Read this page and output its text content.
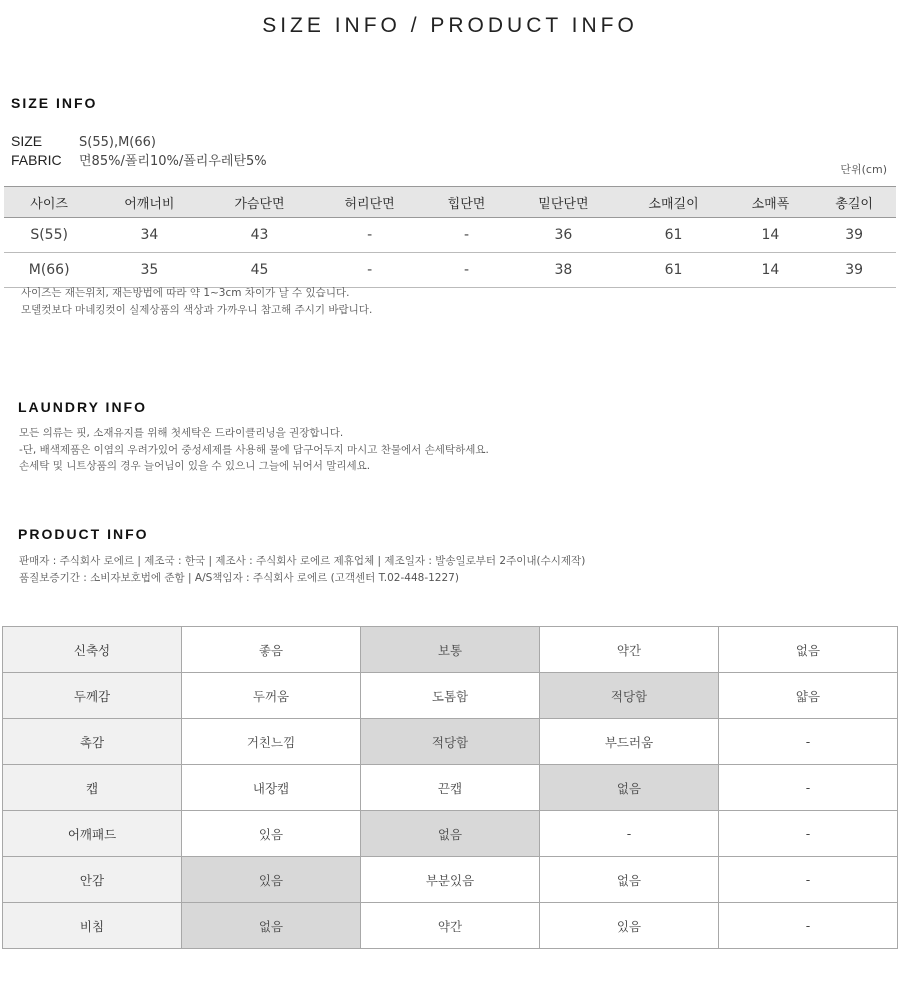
SIZE INFO / PRODUCT INFO
SIZE INFO
SIZE	S(55),M(66)
FABRIC 면85%/폴리10%/폴리우레탄5%
단위(cm)
사이즈	어깨너비	가슴단면	허리단면	힙단면	밑단단면	소매길이	소매폭	총길이
S(55)	34	43	-	-	36	61	14	39
M(66)	35	45	-	-	38	61	14	39
사이즈는 재는위치, 재는방법에 따라 약 1~3cm 차이가 날 수 있습니다.
모델컷보다 마네킹컷이 실제상품의 색상과 가까우니 참고해 주시기 바랍니다.
LAUNDRY INFO
모든 의류는 핏, 소재유지를 위해 첫세탁은 드라이클리닝을 권장합니다.
-단, 배색제품은 이염의 우려가있어 중성세제를 사용해 물에 담구어두지 마시고 찬물에서 손세탁하세요.
손세탁 및 니트상품의 경우 늘어님이 있을 수 있으니 그늘에 뉘어서 말리세요.
PRODUCT INFO
판매자 : 주식회사 로에르 | 제조국 : 한국 | 제조사 : 주식회사 로에르 제휴업체 | 제조일자 : 발송일로부터 2주이내(수시제작)
품질보증기간 : 소비자보호법에 준함 | A/S책임자 : 주식회사 로에르 (고객센터 T.02-448-1227)
신축성	좋음	보통	약간	없음
두께감	두꺼움	도톰함	적당함	얇음
촉감	거친느낌	적당함	부드러움	-
캡	내장캡	끈캡	없음	-
어깨패드	있음	없음	-	-
안감	있음	부분있음	없음	-
비침	없음	약간	있음	-
